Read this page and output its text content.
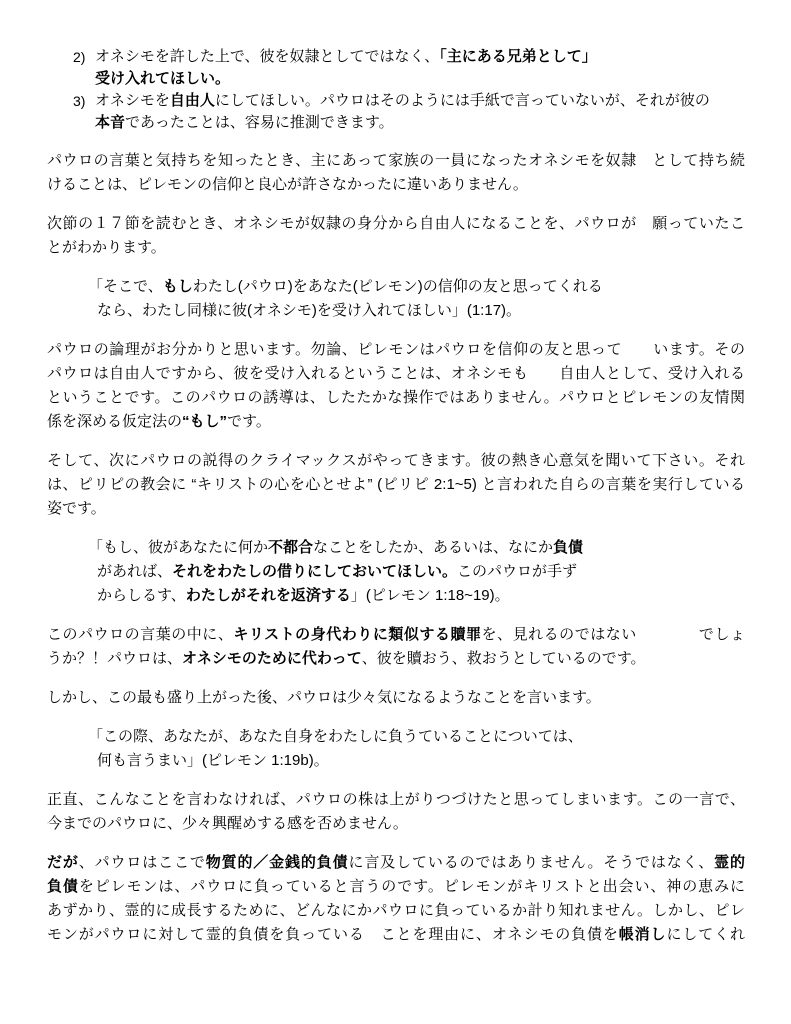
2) オネシモを許した上で、彼を奴隷としてではなく、「主にある兄弟として」
受け入れてほしい。
3) オネシモを自由人にしてほしい。パウロはそのようには手紙で言っていないが、それが彼の
本音であったことは、容易に推測できます。
パウロの言葉と気持ちを知ったとき、主にあって家族の一員になったオネシモを奴隷　として持ち続
けることは、ピレモンの信仰と良心が許さなかったに違いありません。
次節の１７節を読むとき、オネシモが奴隷の身分から自由人になることを、パウロが　願っていたこ
とがわかります。
「そこで、もしわたし(パウロ)をあなた(ピレモン)の信仰の友と思ってくれる
なら、わたし同様に彼(オネシモ)を受け入れてほしい」(1:17)。
パウロの論理がお分かりと思います。勿論、ピレモンはパウロを信仰の友と思って　　います。その
パウロは自由人ですから、彼を受け入れるということは、オネシモも　　自由人として、受け入れる
ということです。このパウロの誘導は、したたかな操作ではありません。パウロとピレモンの友情関
係を深める仮定法の“もし”です。
そして、次にパウロの説得のクライマックスがやってきます。彼の熱き心意気を聞いて下さい。それ
は、ピリピの教会に “キリストの心を心とせよ” (ピリピ 2:1~5) と言われた自らの言葉を実行している
姿です。
「もし、彼があなたに何か不都合なことをしたか、あるいは、なにか負債
があれば、それをわたしの借りにしておいてほしい。このパウロが手ず
からしるす、わたしがそれを返済する」(ピレモン 1:18~19)。
このパウロの言葉の中に、キリストの身代わりに類似する贖罪を、見れるのではない　　　　でしょ
うか？！パウロは、オネシモのために代わって、彼を贖おう、救おうとしているのです。
しかし、この最も盛り上がった後、パウロは少々気になるようなことを言います。
「この際、あなたが、あなた自身をわたしに負うていることについては、
何も言うまい」(ピレモン 1:19b)。
正直、こんなことを言わなければ、パウロの株は上がりつづけたと思ってしまいます。この一言で、
今までのパウロに、少々興醒めする感を否めません。
だが、パウロはここで物質的／金銭的負債に言及しているのではありません。そうではなく、霊的
負債をピレモンは、パウロに負っていると言うのです。ピレモンがキリストと出会い、神の恵みに
あずかり、霊的に成長するために、どんなにかパウロに負っているか計り知れません。しかし、ピレ
モンがパウロに対して霊的負債を負っている　ことを理由に、オネシモの負債を帳消しにしてくれ
